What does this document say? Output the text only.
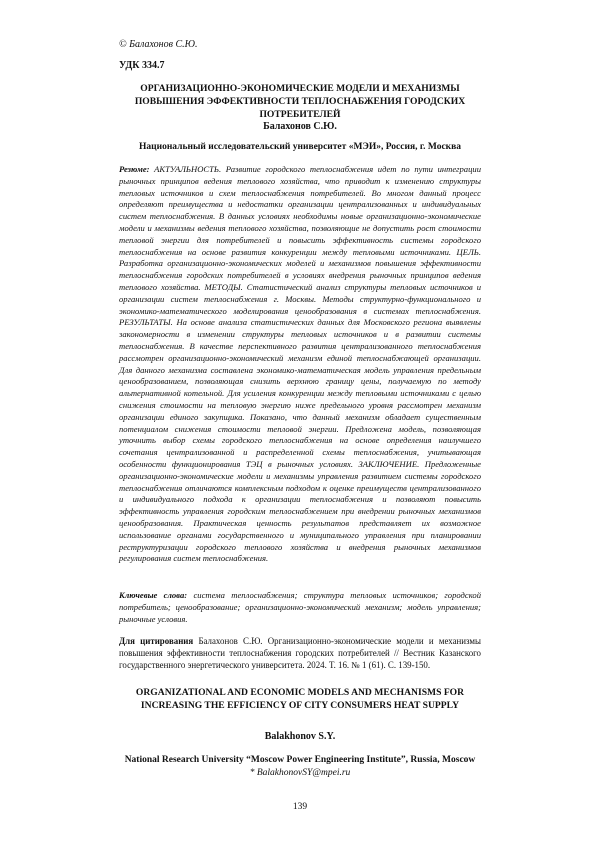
© Балахонов С.Ю.
УДК 334.7
ОРГАНИЗАЦИОННО-ЭКОНОМИЧЕСКИЕ МОДЕЛИ И МЕХАНИЗМЫ ПОВЫШЕНИЯ ЭФФЕКТИВНОСТИ ТЕПЛОСНАБЖЕНИЯ ГОРОДСКИХ ПОТРЕБИТЕЛЕЙ
Балахонов С.Ю.
Национальный исследовательский университет «МЭИ», Россия, г. Москва
Резюме: АКТУАЛЬНОСТЬ. Развитие городского теплоснабжения идет по пути интеграции рыночных принципов ведения теплового хозяйства, что приводит к изменению структуры тепловых источников и схем теплоснабжения потребителей. Во многом данный процесс определяют преимущества и недостатки организации централизованных и индивидуальных систем теплоснабжения. В данных условиях необходимы новые организационно-экономические модели и механизмы ведения теплового хозяйства, позволяющие не допустить рост стоимости тепловой энергии для потребителей и повысить эффективность системы городского теплоснабжения на основе развития конкуренции между тепловыми источниками. ЦЕЛЬ. Разработка организационно-экономических моделей и механизмов повышения эффективности теплоснабжения городских потребителей в условиях внедрения рыночных принципов ведения теплового хозяйства. МЕТОДЫ. Статистический анализ структуры тепловых источников и организации систем теплоснабжения г. Москвы. Методы структурно-функционального и экономико-математического моделирования ценообразования в системах теплоснабжения. РЕЗУЛЬТАТЫ. На основе анализа статистических данных для Московского региона выявлены закономерности в изменении структуры тепловых источников и в развитии системы теплоснабжения. В качестве перспективного развития централизованного теплоснабжения рассмотрен организационно-экономический механизм единой теплоснабжающей организации. Для данного механизма составлена экономико-математическая модель управления предельным ценообразованием, позволяющая снизить верхнюю границу цены, получаемую по методу альтернативной котельной. Для усиления конкуренции между тепловыми источниками с целью снижения стоимости на тепловую энергию ниже предельного уровня рассмотрен механизм организации единого закупщика. Показано, что данный механизм обладает существенным потенциалом снижения стоимости тепловой энергии. Предложена модель, позволяющая уточнить выбор схемы городского теплоснабжения на основе определения наилучшего сочетания централизованной и распределенной схемы теплоснабжения, учитывающая особенности функционирования ТЭЦ в рыночных условиях. ЗАКЛЮЧЕНИЕ. Предложенные организационно-экономические модели и механизмы управления развитием системы городского теплоснабжения отличаются комплексным подходом к оценке преимуществ централизованного и индивидуального подхода к организации теплоснабжения и позволяют повысить эффективность управления городским теплоснабжением при внедрении рыночных механизмов ценообразования. Практическая ценность результатов представляет их возможное использование органами государственного и муниципального управления при планировании реструктуризации городского теплового хозяйства и внедрения рыночных механизмов регулирования систем теплоснабжения.
Ключевые слова: система теплоснабжения; структура тепловых источников; городской потребитель; ценообразование; организационно-экономический механизм; модель управления; рыночные условия.
Для цитирования Балахонов С.Ю. Организационно-экономические модели и механизмы повышения эффективности теплоснабжения городских потребителей // Вестник Казанского государственного энергетического университета. 2024. Т. 16. № 1 (61). С. 139-150.
ORGANIZATIONAL AND ECONOMIC MODELS AND MECHANISMS FOR INCREASING THE EFFICIENCY OF CITY CONSUMERS HEAT SUPPLY
Balakhonov S.Y.
National Research University “Moscow Power Engineering Institute”, Russia, Moscow
* BalakhonovSY@mpei.ru
139
